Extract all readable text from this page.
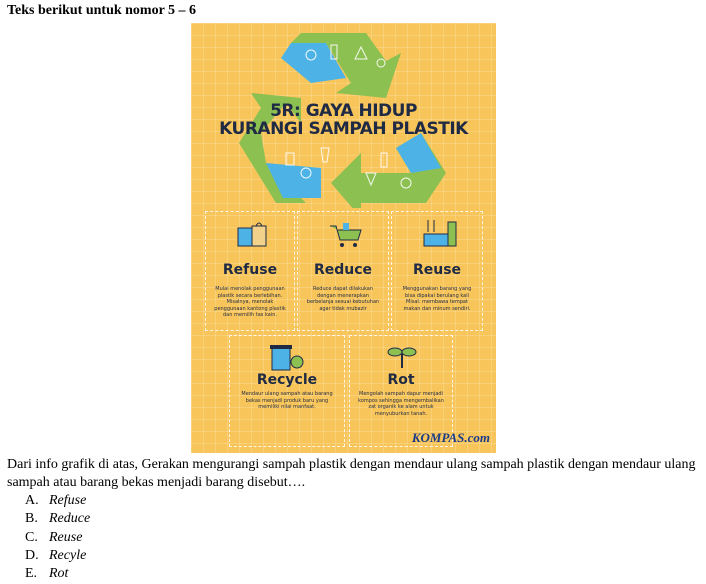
Teks berikut untuk nomor 5 – 6
5R: GAYA HIDUP
KURANGI SAMPAH PLASTIK
Refuse
Mulai menolak penggunaan plastik secara berlebihan. Misalnya, menolak penggunaan kantong plastik dan memilih tas kain.
Reduce
Reduce dapat dilakukan dengan menerapkan berbelanja sesuai kebutuhan agar tidak mubazir
Reuse
Menggunakan barang yang bisa dipakai berulang kali Misal: membawa tempat makan dan minum sendiri.
Recycle
Mendaur ulang sampah atau barang bekas menjadi produk baru yang memiliki nilai manfaat.
Rot
Mengolah sampah dapur menjadi kompos sehingga mengembalikan zat organik ke alam untuk menyuburkan tanah.
KOMPAS.com
Dari info grafik di atas, Gerakan mengurangi sampah plastik dengan mendaur ulang sampah plastik dengan mendaur ulang sampah atau barang bekas menjadi barang disebut….
A. Refuse
B. Reduce
C. Reuse
D. Recyle
E. Rot
